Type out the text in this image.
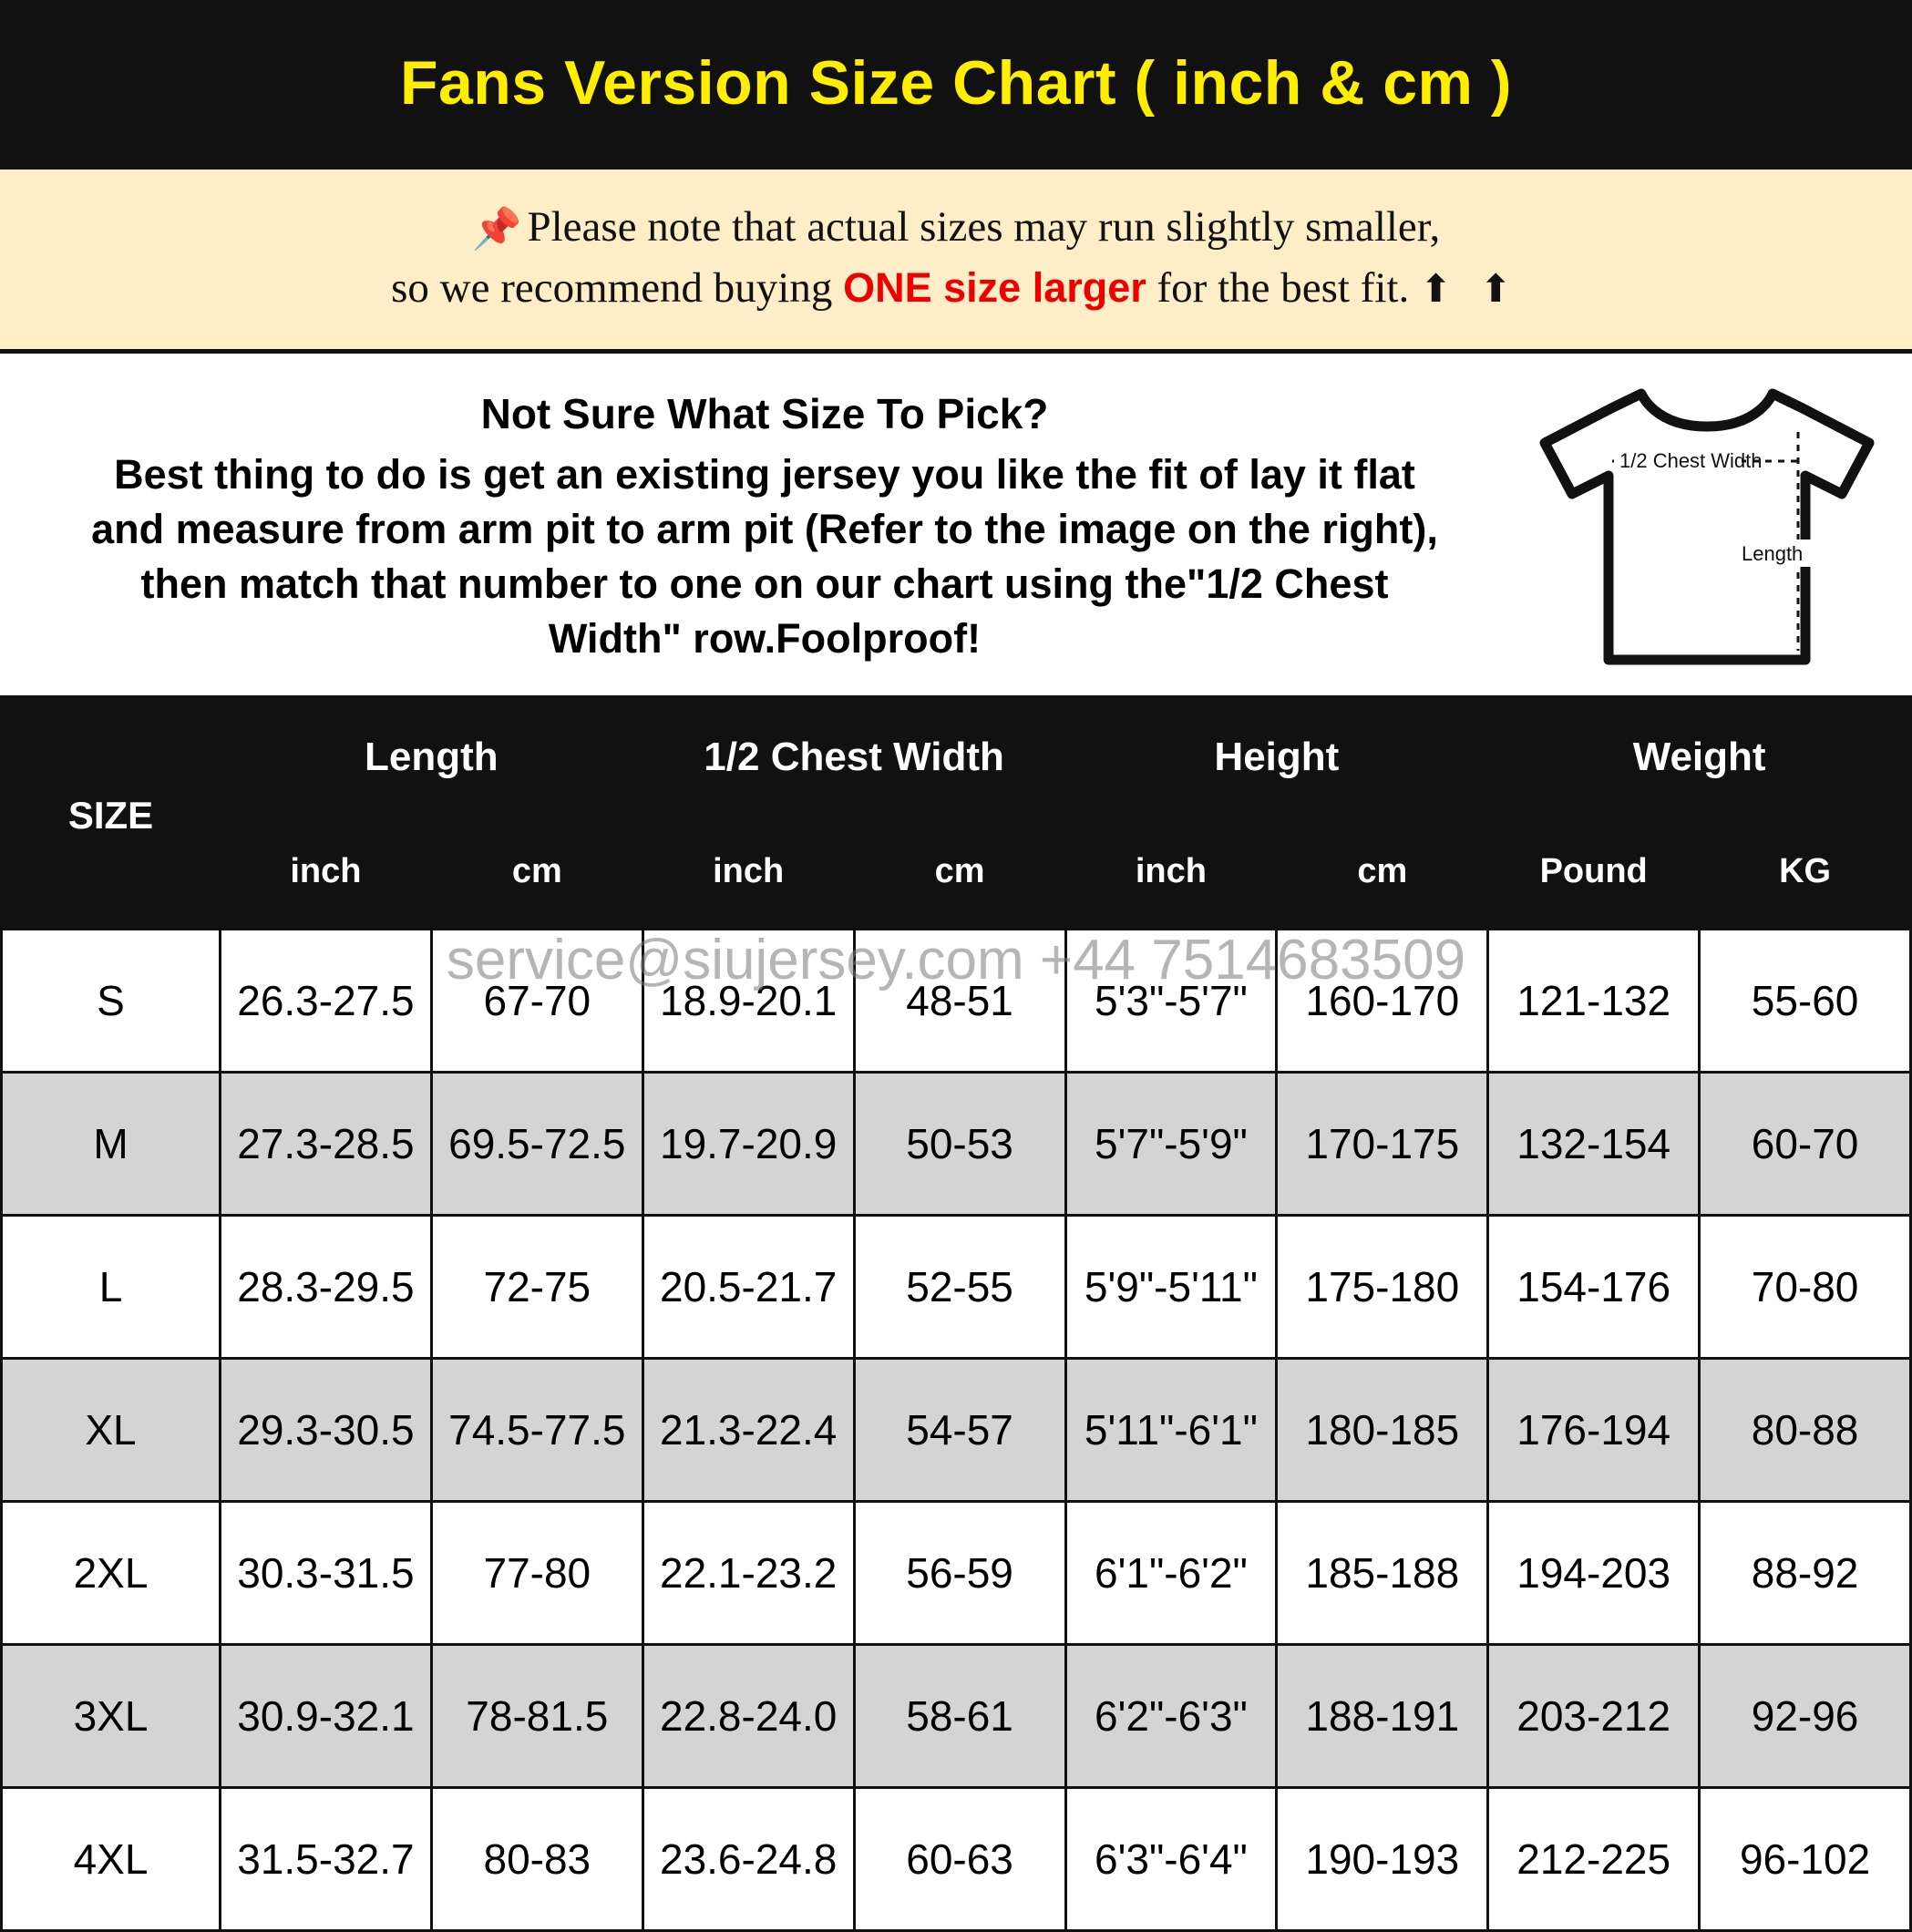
Fans Version Size Chart ( inch & cm )
📌 Please note that actual sizes may run slightly smaller,
so we recommend buying ONE size larger for the best fit. ⬆ ⬆
Not Sure What Size To Pick?
Best thing to do is get an existing jersey you like the fit of lay it flat
and measure from arm pit to arm pit (Refer to the image on the right),
then match that number to one on our chart using the"1/2 Chest
Width" row.Foolproof!
1/2 Chest Width
Length
SIZE	Length		1/2 Chest Width		Height		Weight	
	inch	cm	inch	cm	inch	cm	Pound	KG
S	26.3-27.5	67-70	18.9-20.1	48-51	5'3"-5'7"	160-170	121-132	55-60
M	27.3-28.5	69.5-72.5	19.7-20.9	50-53	5'7"-5'9"	170-175	132-154	60-70
L	28.3-29.5	72-75	20.5-21.7	52-55	5'9"-5'11"	175-180	154-176	70-80
XL	29.3-30.5	74.5-77.5	21.3-22.4	54-57	5'11"-6'1"	180-185	176-194	80-88
2XL	30.3-31.5	77-80	22.1-23.2	56-59	6'1"-6'2"	185-188	194-203	88-92
3XL	30.9-32.1	78-81.5	22.8-24.0	58-61	6'2"-6'3"	188-191	203-212	92-96
4XL	31.5-32.7	80-83	23.6-24.8	60-63	6'3"-6'4"	190-193	212-225	96-102
service@siujersey.com +44 7514683509
